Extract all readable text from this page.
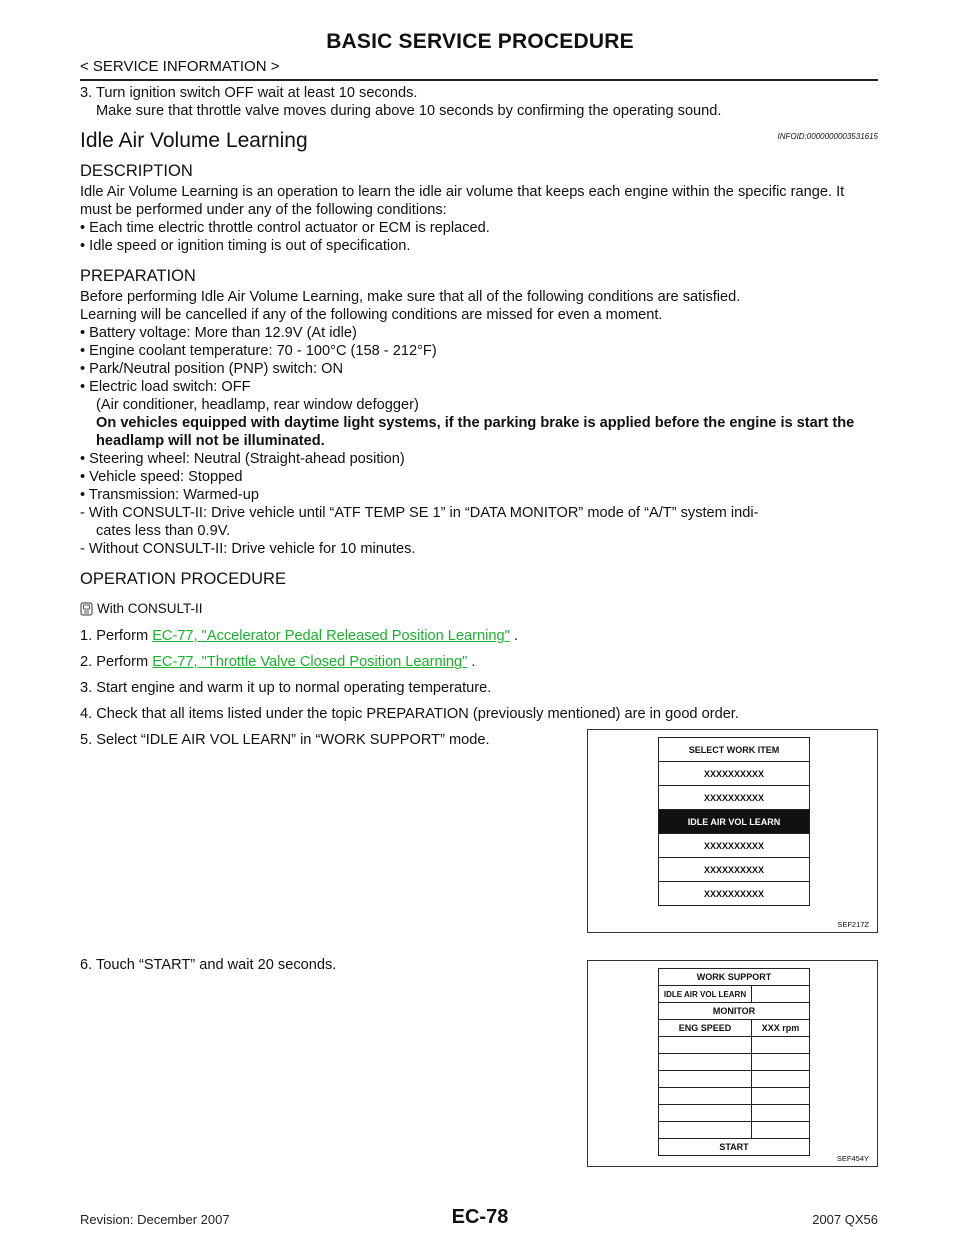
BASIC SERVICE PROCEDURE
< SERVICE INFORMATION >

3. Turn ignition switch OFF wait at least 10 seconds.

Make sure that throttle valve moves during above 10 seconds by confirming the operating sound.

Idle Air Volume Learning	INFOID:0000000003531615
DESCRIPTION

Idle Air Volume Learning is an operation to learn the idle air volume that keeps each engine within the specific range. It must be performed under any of the following conditions:

• Each time electric throttle control actuator or ECM is replaced.

• Idle speed or ignition timing is out of specification.

PREPARATION

Before performing Idle Air Volume Learning, make sure that all of the following conditions are satisfied.

Learning will be cancelled if any of the following conditions are missed for even a moment.

• Battery voltage: More than 12.9V (At idle)

• Engine coolant temperature: 70 - 100°C (158 - 212°F)

• Park/Neutral position (PNP) switch: ON

• Electric load switch: OFF

(Air conditioner, headlamp, rear window defogger)

On vehicles equipped with daytime light systems, if the parking brake is applied before the engine is start the headlamp will not be illuminated.

• Steering wheel: Neutral (Straight-ahead position)

• Vehicle speed: Stopped

• Transmission: Warmed-up

- With CONSULT-II: Drive vehicle until “ATF TEMP SE 1” in “DATA MONITOR” mode of “A/T” system indi-

cates less than 0.9V.

- Without CONSULT-II: Drive vehicle for 10 minutes.

OPERATION PROCEDURE
With CONSULT-II

1. Perform EC-77, "Accelerator Pedal Released Position Learning" .

2. Perform EC-77, "Throttle Valve Closed Position Learning" .

3. Start engine and warm it up to normal operating temperature.

4. Check that all items listed under the topic PREPARATION (previously mentioned) are in good order.

5. Select “IDLE AIR VOL LEARN” in “WORK SUPPORT” mode.

SELECT WORK ITEM
XXXXXXXXXX
XXXXXXXXXX
IDLE AIR VOL LEARN
XXXXXXXXXX
XXXXXXXXXX
XXXXXXXXXX
SEF217Z
6. Touch “START” and wait 20 seconds.
WORK SUPPORT
IDLE AIR VOL LEARN
MONITOR
ENG SPEED	XXX rpm
START
SEF454Y
Revision: December 2007	EC-78	2007 QX56
